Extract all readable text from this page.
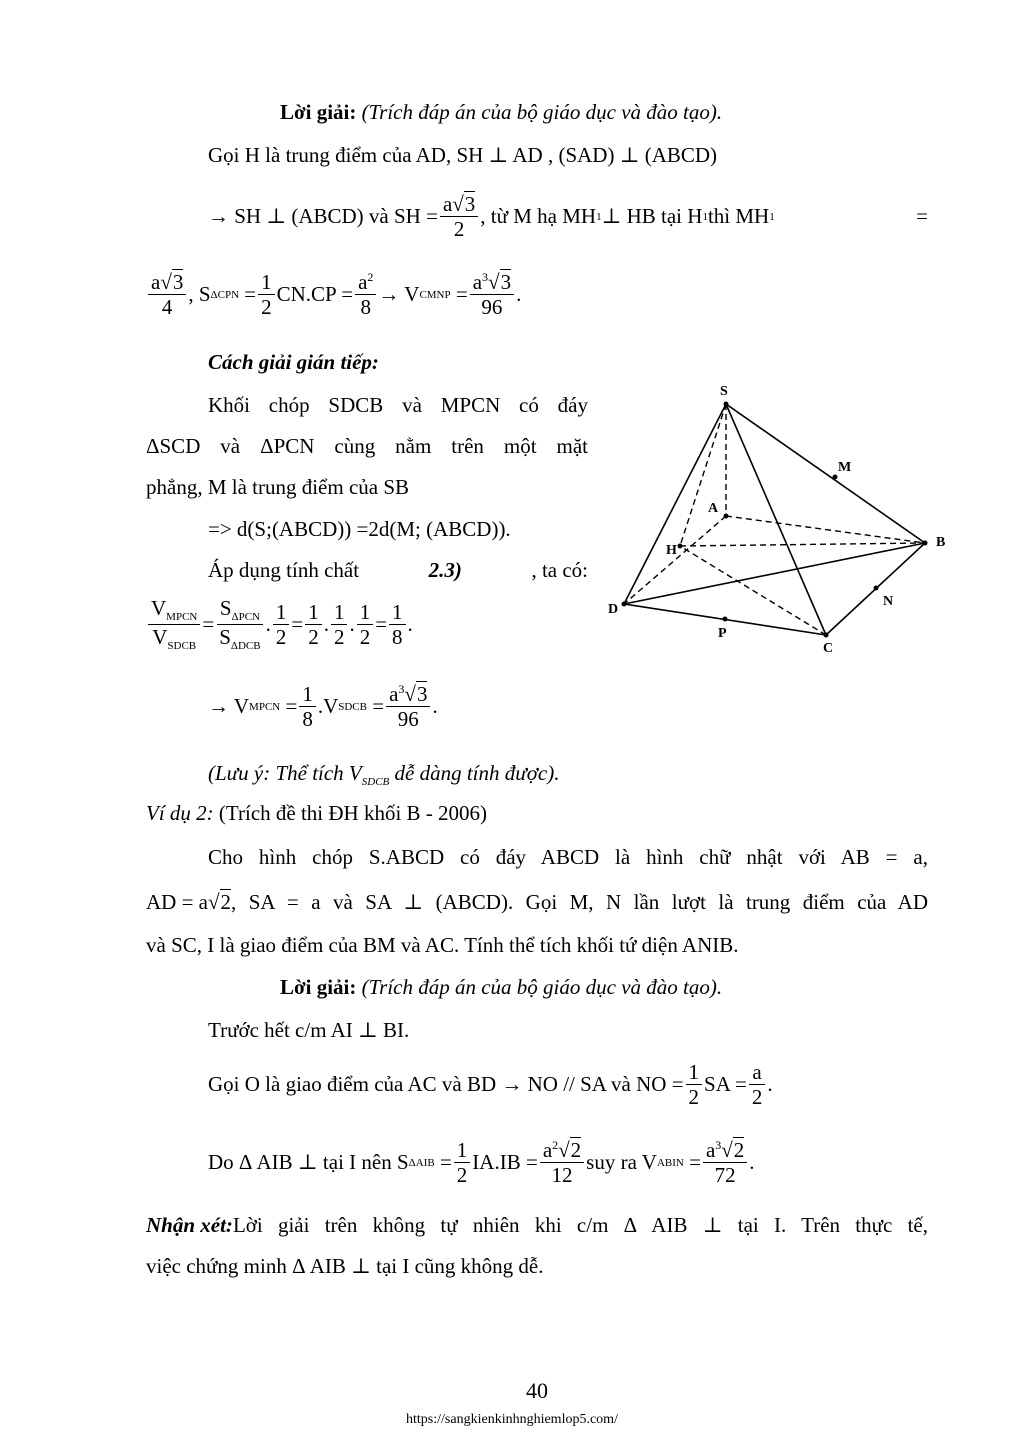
Lời giải: (Trích đáp án của bộ giáo dục và đào tạo).
Gọi H là trung điểm của AD, SH ⊥ AD , (SAD) ⊥ (ABCD)
→ SH ⊥ (ABCD) và SH = $\frac{a√3}{2}$ , từ M hạ MH 1 ⊥ HB tại H 1 thì MH 1	=
$\frac{a√3}{4}$ , S $\Delta CPN = \frac{1}{2} CN.CP = \frac{a^2}{8} \to V$ CMNP = $\frac{a^3√3}{96}$ .
Cách giải gián tiếp:
Khối chóp SDCB và MPCN có đáy
ΔSCD và ΔPCN cùng nằm trên một mặt
phẳng, M là trung điểm của SB
=> d(S;(ABCD)) =2d(M; (ABCD)).
Áp dụng tính chất	2.3)	, ta có:
$\frac{V_{MPCN}}{V_{SDCB}} = \frac{S_{\Delta PCN}}{S_{\Delta DCB}}$ . $\frac{1}{2} = \frac{1}{2}$ . $\frac{1}{2}$ . $\frac{1}{2} = \frac{1}{8}$ .
→ V MPCN
= $\frac{1}{8} .V$ SDCB
= $\frac{a^3√3}{96}$ .
(Lưu ý: Thể tích $V_{SDCB}$ dễ dàng tính được).
S
M
A
B
H
D
N
P
C
Ví dụ 2: (Trích đề thi ĐH khối B - 2006)
Cho hình chóp S.ABCD có đáy ABCD là hình chữ nhật với AB = a,
AD = a √ 2 , SA = a và SA ⊥ (ABCD). Gọi M, N lần lượt là trung điểm của AD
và SC, I là giao điểm của BM và AC. Tính thể tích khối tứ diện ANIB.
Lời giải: (Trích đáp án của bộ giáo dục và đào tạo).
Trước hết c/m AI ⊥ BI.
Gọi O là giao điểm của AC và BD → NO // SA và NO = $\frac{1}{2}$ SA = $\frac{a}{2}$ .
Do Δ AIB ⊥ tại I nên S ΔAIB
= $\frac{1}{2} IA.IB = \frac{a^2√2}{12}$ suy ra V ABIN = $\frac{a^3√2}{72}$ .
Nhận xét: Lời giải trên không tự nhiên khi c/m Δ AIB ⊥ tại I. Trên thực tế,
việc chứng minh Δ AIB ⊥ tại I cũng không dễ.
40
https://sangkienkinhnghiemlop5.com/
